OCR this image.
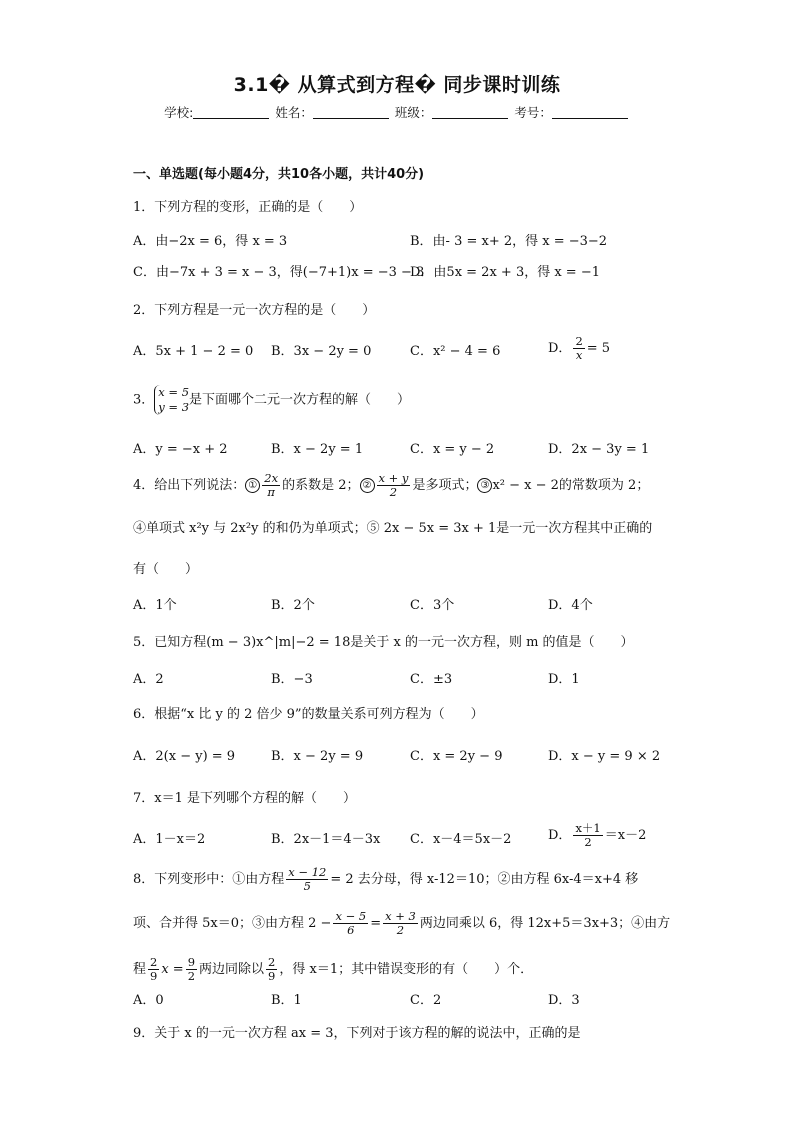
3.1� 从算式到方程� 同步课时训练
学校:	姓名：	班级：	考号：
一、单选题(每小题4分，共10各小题，共计40分)
1．下列方程的变形，正确的是（　　）
A．由−2x = 6，得 x = 3	B．由- 3 = x+ 2，得 x = −3−2
C．由−7x + 3 = x − 3，得(−7+1)x = −3 − 3
D．由5x = 2x + 3，得 x = −1
2．下列方程是一元一次方程的是（　　）
A．5x + 1 − 2 = 0 B．3x − 2y = 0	C．x² − 4 = 6	D． $\frac{2}{x} = 5$
3．
x = 5
y = 3 是下面哪个二元一次方程的解（　　）
A．y = −x + 2	B．x − 2y = 1	C．x = y − 2	D．2x − 3y = 1
4．给出下列说法： ① $\frac{2x}{\pi}$ 的系数是 2； ② $\frac{x + y}{2}$ 是多项式； ③ x² − x − 2的常数项为 2；
④单项式 x²y 与 2x²y 的和仍为单项式；⑤ 2x − 5x = 3x + 1是一元一次方程其中正确的
有（　　）
A．1个	B．2个	C．3个	D．4个
5．已知方程(m − 3)x^|m|−2 = 18是关于 x 的一元一次方程，则 m 的值是（　　）
A．2	B．−3	C．±3	D．1
6．根据“x 比 y 的 2 倍少 9”的数量关系可列方程为（　　）
A．2(x − y) = 9	B．x − 2y = 9	C．x = 2y − 9	D．x − y = 9 × 2
7．x＝1 是下列哪个方程的解（　　）
A．1－x＝2	B．2x－1＝4－3x C．x－4＝5x－2	D． $\frac{x+1}{2} =x-2$
8．下列变形中：①由方程 $\frac{x - 12}{5} = 2$ 去分母，得 x-12＝10；②由方程 6x-4＝x+4 移
项、合并得 5x＝0；③由方程 $2 - \frac{x - 5}{6} = \frac{x + 3}{2}$ 两边同乘以 6，得 12x+5＝3x+3；④由方
程 $\frac{2}{9}$ $x = \frac{9}{2}$ 两边同除以 $\frac{2}{9}$ ，得 x＝1；其中错误变形的有（　　）个．
A．0	B．1	C．2	D．3
9．关于 x 的一元一次方程 ax = 3，下列对于该方程的解的说法中，正确的是
